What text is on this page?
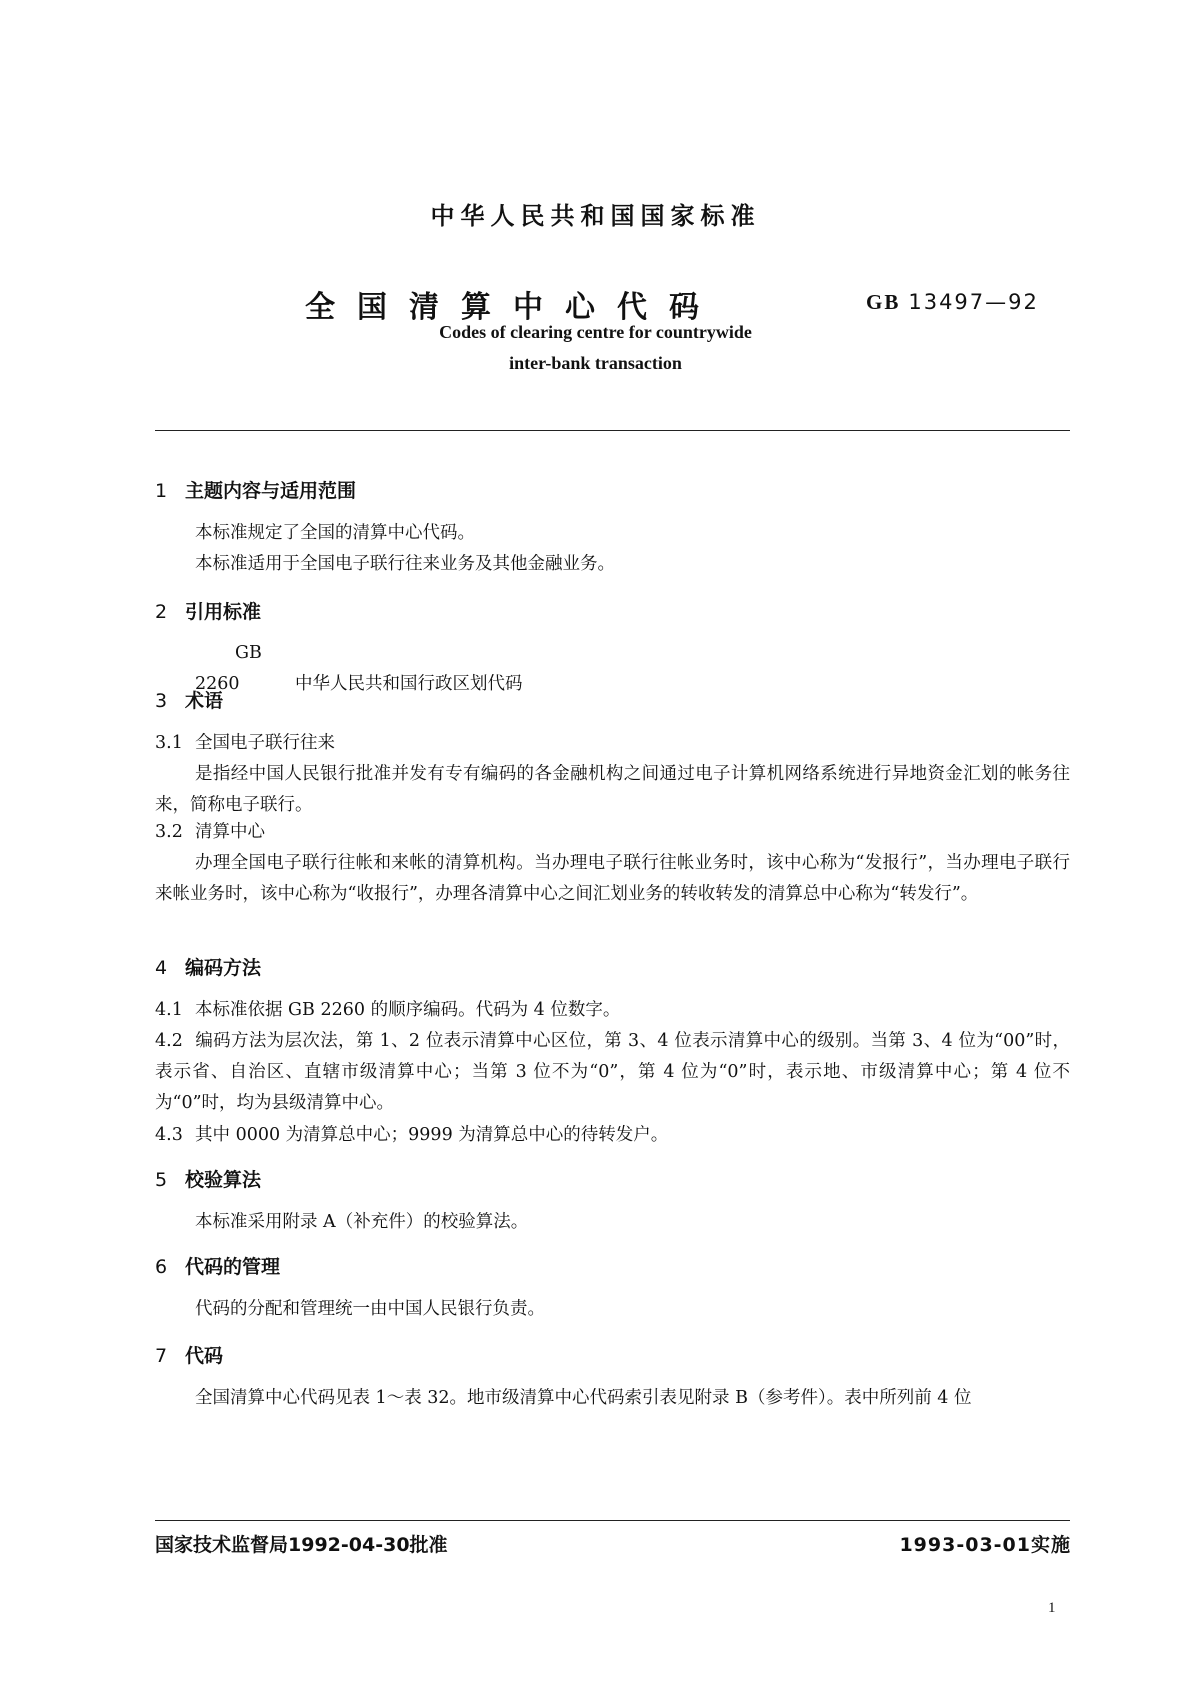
中华人民共和国国家标准
全国清算中心代码	GB 13497—92
Codes of clearing centre for countrywide
inter-bank transaction
1 主题内容与适用范围
本标准规定了全国的清算中心代码。
本标准适用于全国电子联行往来业务及其他金融业务。
2 引用标准
GB 2260	中华人民共和国行政区划代码
3 术语
3.1 全国电子联行往来
是指经中国人民银行批准并发有专有编码的各金融机构之间通过电子计算机网络系统进行异地资金汇划的帐务往来，简称电子联行。
3.2 清算中心
办理全国电子联行往帐和来帐的清算机构。当办理电子联行往帐业务时，该中心称为“发报行”，当办理电子联行来帐业务时，该中心称为“收报行”，办理各清算中心之间汇划业务的转收转发的清算总中心称为“转发行”。
4 编码方法
4.1 本标准依据 GB 2260 的顺序编码。代码为 4 位数字。
4.2 编码方法为层次法，第 1、2 位表示清算中心区位，第 3、4 位表示清算中心的级别。当第 3、4 位为“00”时，表示省、自治区、直辖市级清算中心；当第 3 位不为“0”，第 4 位为“0”时，表示地、市级清算中心；第 4 位不为“0”时，均为县级清算中心。
4.3 其中 0000 为清算总中心；9999 为清算总中心的待转发户。
5 校验算法
本标准采用附录 A（补充件）的校验算法。
6 代码的管理
代码的分配和管理统一由中国人民银行负责。
7 代码
全国清算中心代码见表 1～表 32。地市级清算中心代码索引表见附录 B（参考件）。表中所列前 4 位
国家技术监督局1992-04-30批准	1993-03-01实施
1
